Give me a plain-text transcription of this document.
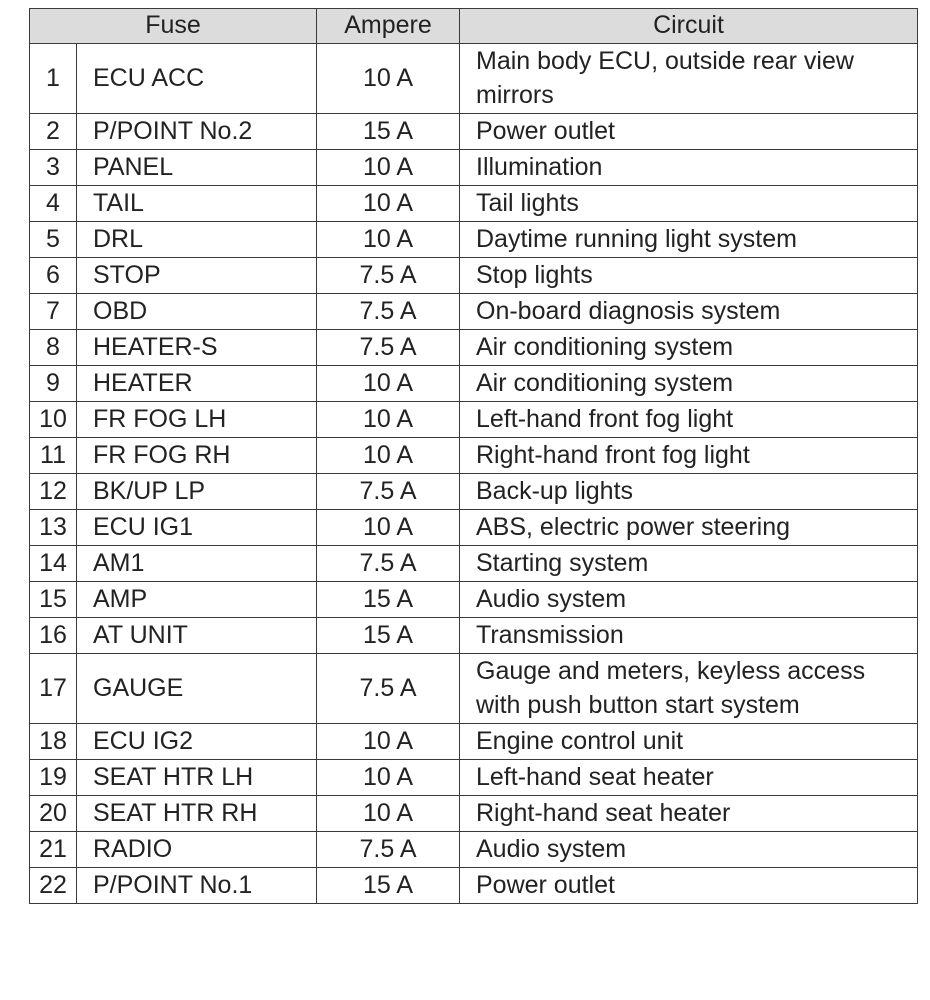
Fuse		Ampere	Circuit
1	ECU ACC	10 A	Main body ECU, outside rear view mirrors
2	P/POINT No.2	15 A	Power outlet
3	PANEL	10 A	Illumination
4	TAIL	10 A	Tail lights
5	DRL	10 A	Daytime running light system
6	STOP	7.5 A	Stop lights
7	OBD	7.5 A	On-board diagnosis system
8	HEATER-S	7.5 A	Air conditioning system
9	HEATER	10 A	Air conditioning system
10	FR FOG LH	10 A	Left-hand front fog light
11	FR FOG RH	10 A	Right-hand front fog light
12	BK/UP LP	7.5 A	Back-up lights
13	ECU IG1	10 A	ABS, electric power steering
14	AM1	7.5 A	Starting system
15	AMP	15 A	Audio system
16	AT UNIT	15 A	Transmission
17	GAUGE	7.5 A	Gauge and meters, keyless access with push button start system
18	ECU IG2	10 A	Engine control unit
19	SEAT HTR LH	10 A	Left-hand seat heater
20	SEAT HTR RH	10 A	Right-hand seat heater
21	RADIO	7.5 A	Audio system
22	P/POINT No.1	15 A	Power outlet
